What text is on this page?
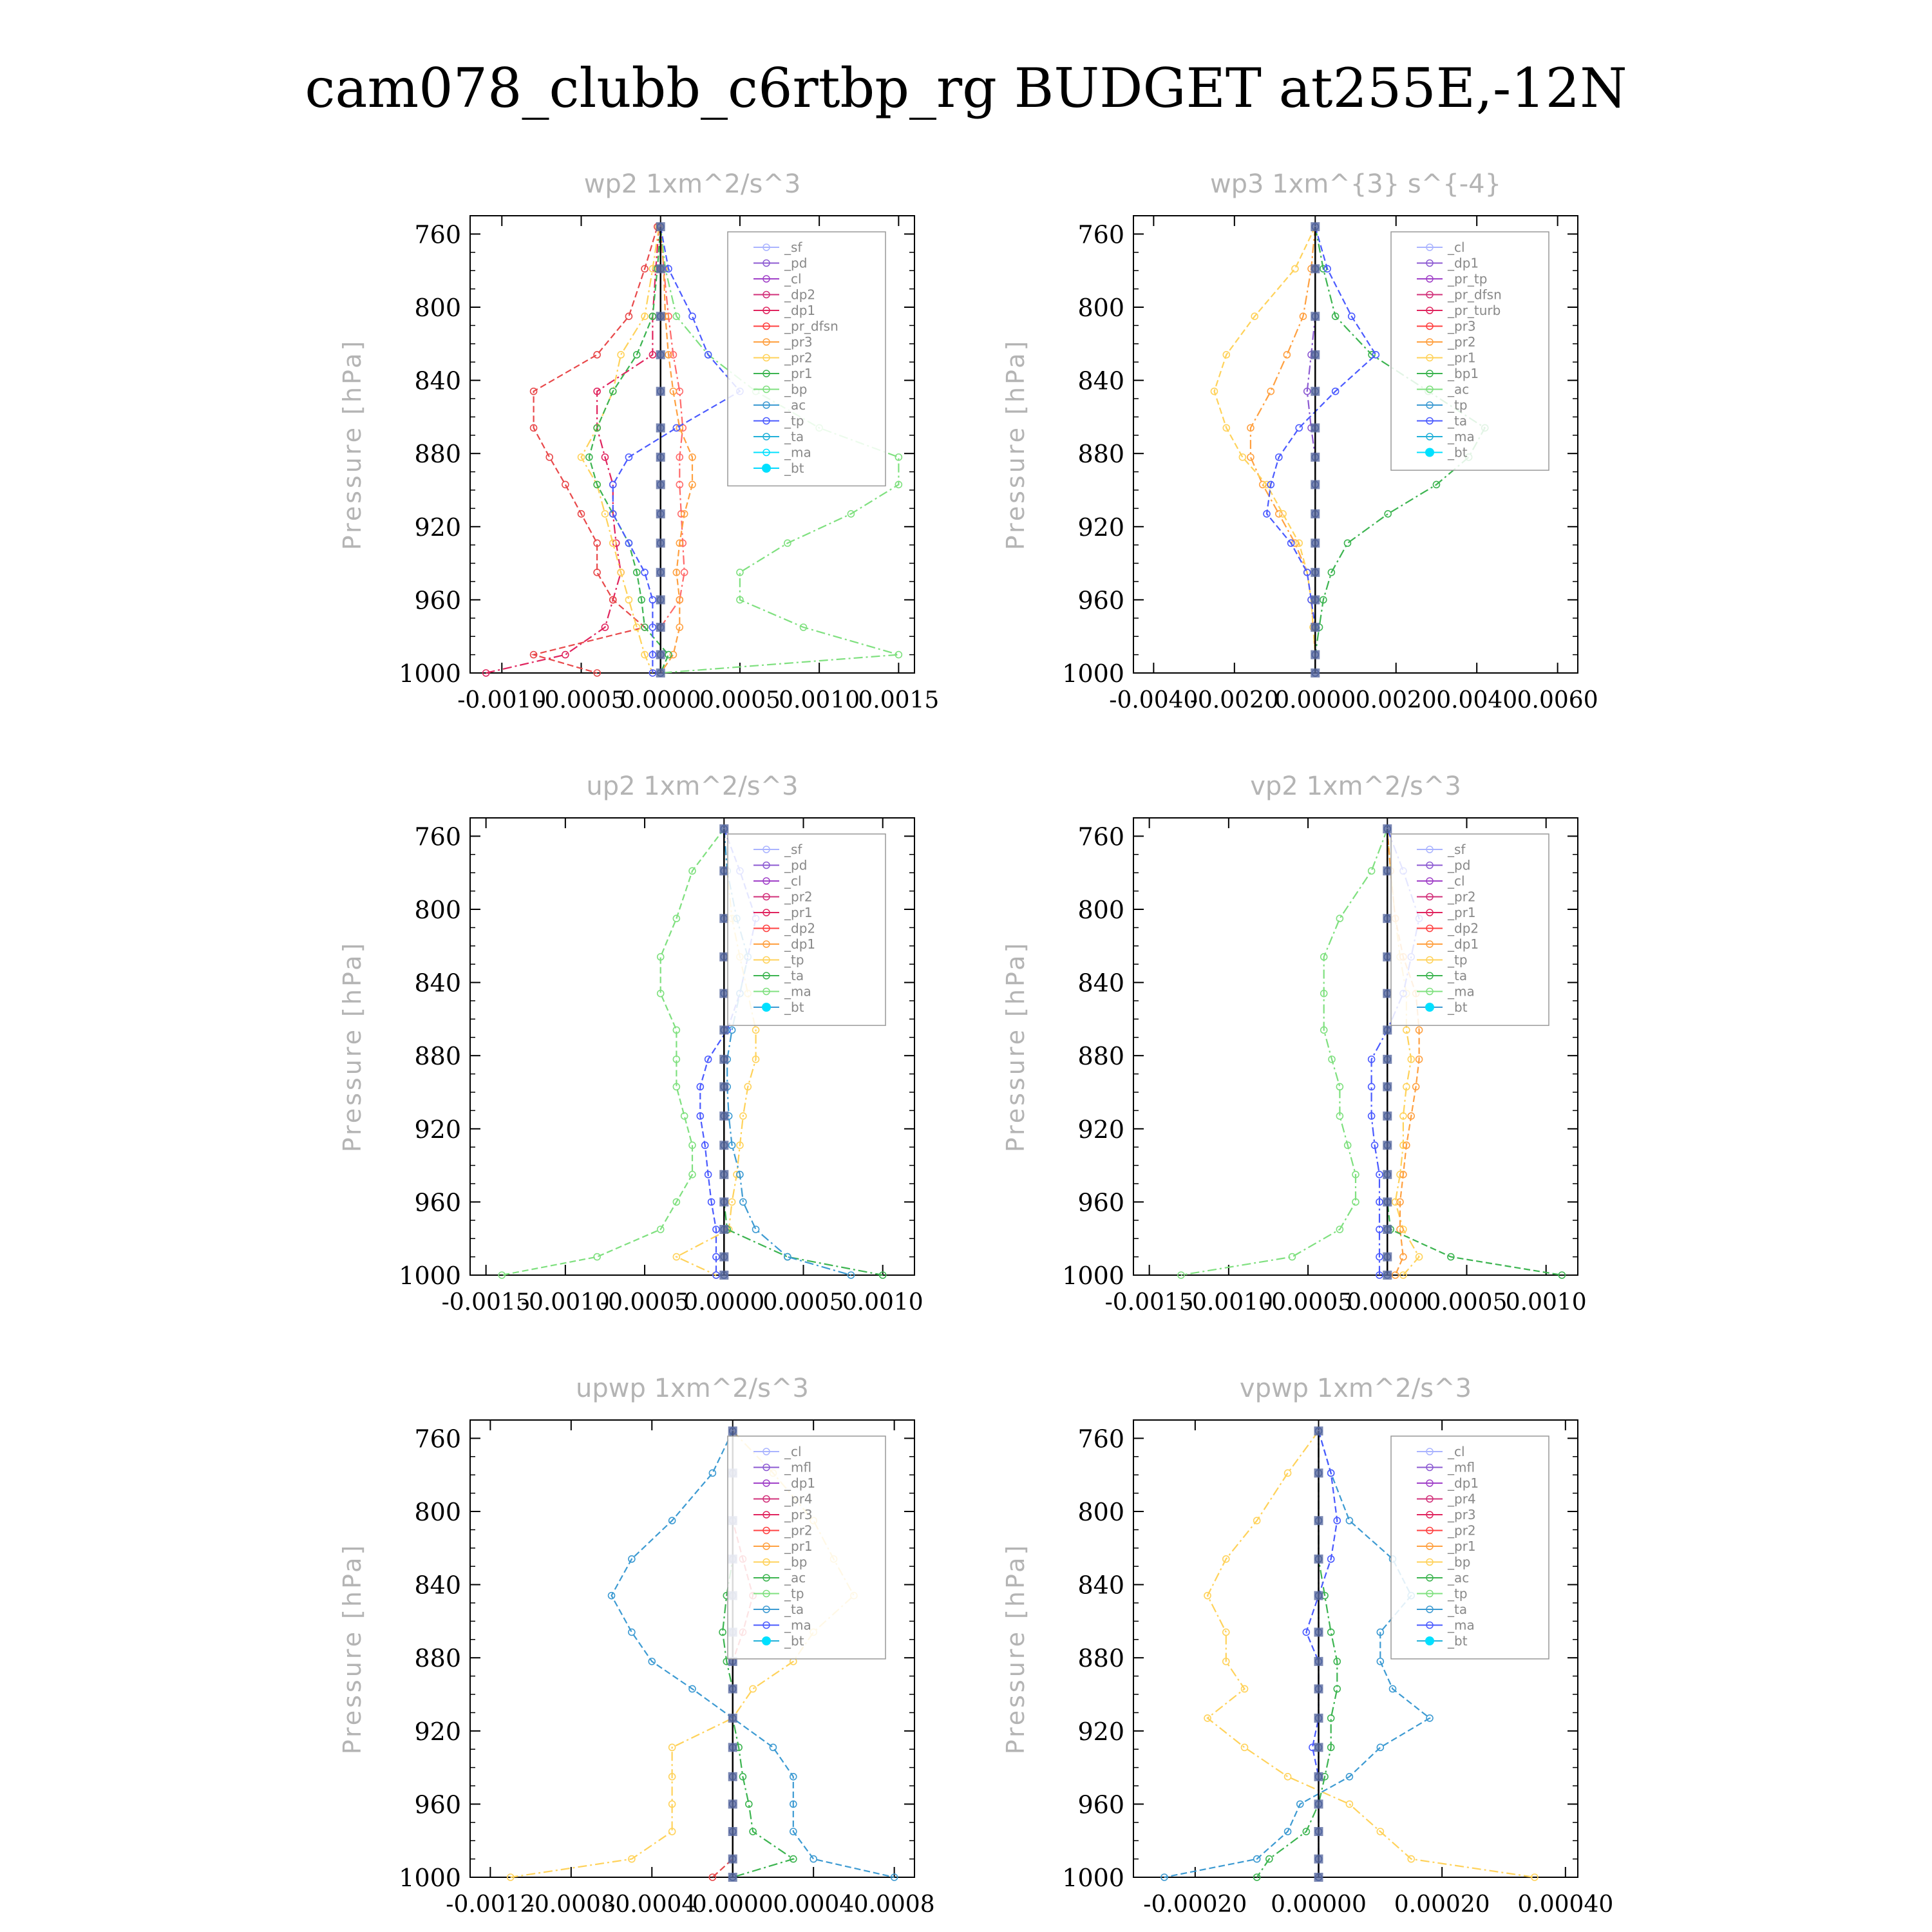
cam078_clubb_c6rtbp_rg BUDGET at255E,-12N
wp2 1xm^2/s^3
Pressure [hPa]
760
800
840
880
920
960
1000
-0.0010
-0.0005
0.0000
0.0005
0.0010
0.0015
_sf
_pd
_cl
_dp2
_dp1
_pr_dfsn
_pr3
_pr2
_pr1
_bp
_ac
_tp
_ta
_ma
_bt
wp3 1xm^{3} s^{-4}
Pressure [hPa]
760
800
840
880
920
960
1000
-0.0040
-0.0020
0.0000 0.0020 0.0040 0.0060
_cl
_dp1
_pr_tp
_pr_dfsn
_pr_turb
_pr3
_pr2
_pr1
_bp1
_ac
_tp
_ta
_ma
_bt
up2 1xm^2/s^3
Pressure [hPa]
760
800
840
880
920
960
1000
-0.0015
-0.0010
-0.0005
0.0000
0.0005
0.0010
_sf
_pd
_cl
_pr2
_pr1
_dp2
_dp1
_tp
_ta
_ma
_bt
vp2 1xm^2/s^3
Pressure [hPa]
760
800
840
880
920
960
1000
-0.0015
-0.0010
-0.0005
0.0000
0.0005
0.0010
_sf
_pd
_cl
_pr2
_pr1
_dp2
_dp1
_tp
_ta
_ma
_bt
upwp 1xm^2/s^3
Pressure [hPa]
760
800
840
880
920
960
1000
-0.0012
-0.0008
-0.0004
0.0000 0.0004 0.0008
_cl
_mfl
_dp1
_pr4
_pr3
_pr2
_pr1
_bp
_ac
_tp
_ta
_ma
_bt
vpwp 1xm^2/s^3
Pressure [hPa]
760
800
840
880
920
960
1000
-0.00020 0.00000 0.00020 0.00040
_cl
_mfl
_dp1
_pr4
_pr3
_pr2
_pr1
_bp
_ac
_tp
_ta
_ma
_bt
